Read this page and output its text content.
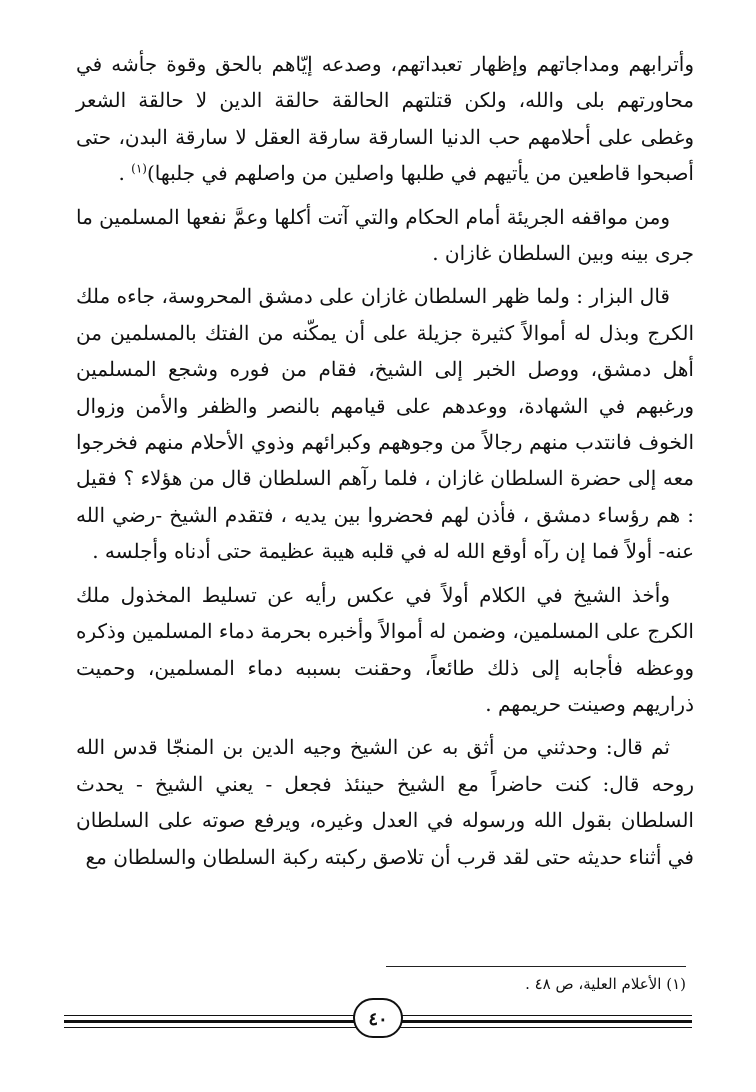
وأترابهم ومداجاتهم وإظهار تعبداتهم، وصدعه إيّاهم بالحق وقوة جأشه في محاورتهم بلى والله، ولكن قتلتهم الحالقة حالقة الدين لا حالقة الشعر وغطى على أحلامهم حب الدنيا السارقة سارقة العقل لا سارقة البدن، حتى أصبحوا قاطعين من يأتيهم في طلبها واصلين من واصلهم في جلبها)$^{(١)}$ .

ومن مواقفه الجريئة أمام الحكام والتي آتت أكلها وعمَّ نفعها المسلمين ما جرى بينه وبين السلطان غازان .

قال البزار : ولما ظهر السلطان غازان على دمشق المحروسة، جاءه ملك الكرج وبذل له أموالاً كثيرة جزيلة على أن يمكّنه من الفتك بالمسلمين من أهل دمشق، ووصل الخبر إلى الشيخ، فقام من فوره وشجع المسلمين ورغبهم في الشهادة، ووعدهم على قيامهم بالنصر والظفر والأمن وزوال الخوف فانتدب منهم رجالاً من وجوههم وكبرائهم وذوي الأحلام منهم فخرجوا معه إلى حضرة السلطان غازان ، فلما رآهم السلطان قال من هؤلاء ؟ فقيل : هم رؤساء دمشق ، فأذن لهم فحضروا بين يديه ، فتقدم الشيخ -رضي الله عنه- أولاً فما إن رآه أوقع الله له في قلبه هيبة عظيمة حتى أدناه وأجلسه .

وأخذ الشيخ في الكلام أولاً في عكس رأيه عن تسليط المخذول ملك الكرج على المسلمين، وضمن له أموالاً وأخبره بحرمة دماء المسلمين وذكره ووعظه فأجابه إلى ذلك طائعاً، وحقنت بسببه دماء المسلمين، وحميت ذراريهم وصينت حريمهم .

ثم قال: وحدثني من أثق به عن الشيخ وجيه الدين بن المنجّا قدس الله روحه قال: كنت حاضراً مع الشيخ حينئذ فجعل - يعني الشيخ - يحدث السلطان بقول الله ورسوله في العدل وغيره، ويرفع صوته على السلطان في أثناء حديثه حتى لقد قرب أن تلاصق ركبته ركبة السلطان والسلطان مع

(١) الأعلام العلية، ص ٤٨ .
٤٠
